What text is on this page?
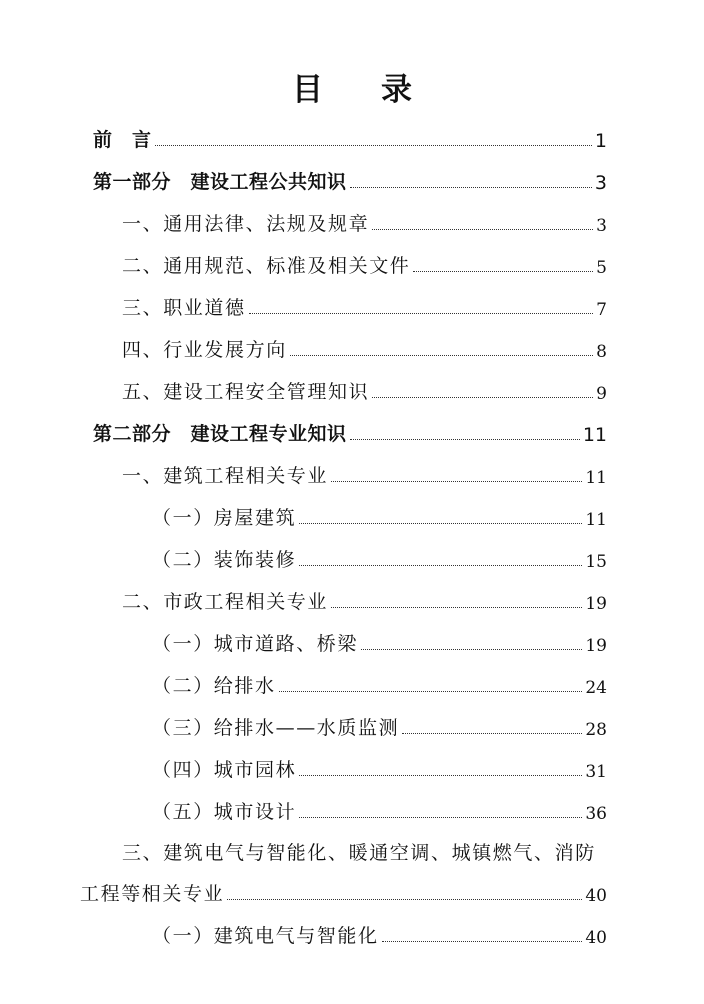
目 录
前　言	1
第一部分　建设工程公共知识	3
一、通用法律、法规及规章	3
二、通用规范、标准及相关文件	5
三、职业道德	7
四、行业发展方向	8
五、建设工程安全管理知识	9
第二部分　建设工程专业知识	11
一、建筑工程相关专业	11
（一）房屋建筑	11
（二）装饰装修	15
二、市政工程相关专业	19
（一）城市道路、桥梁	19
（二）给排水	24
（三）给排水——水质监测	28
（四）城市园林	31
（五）城市设计	36
三、建筑电气与智能化、暖通空调、城镇燃气、消防
工程等相关专业	40
（一）建筑电气与智能化	40
